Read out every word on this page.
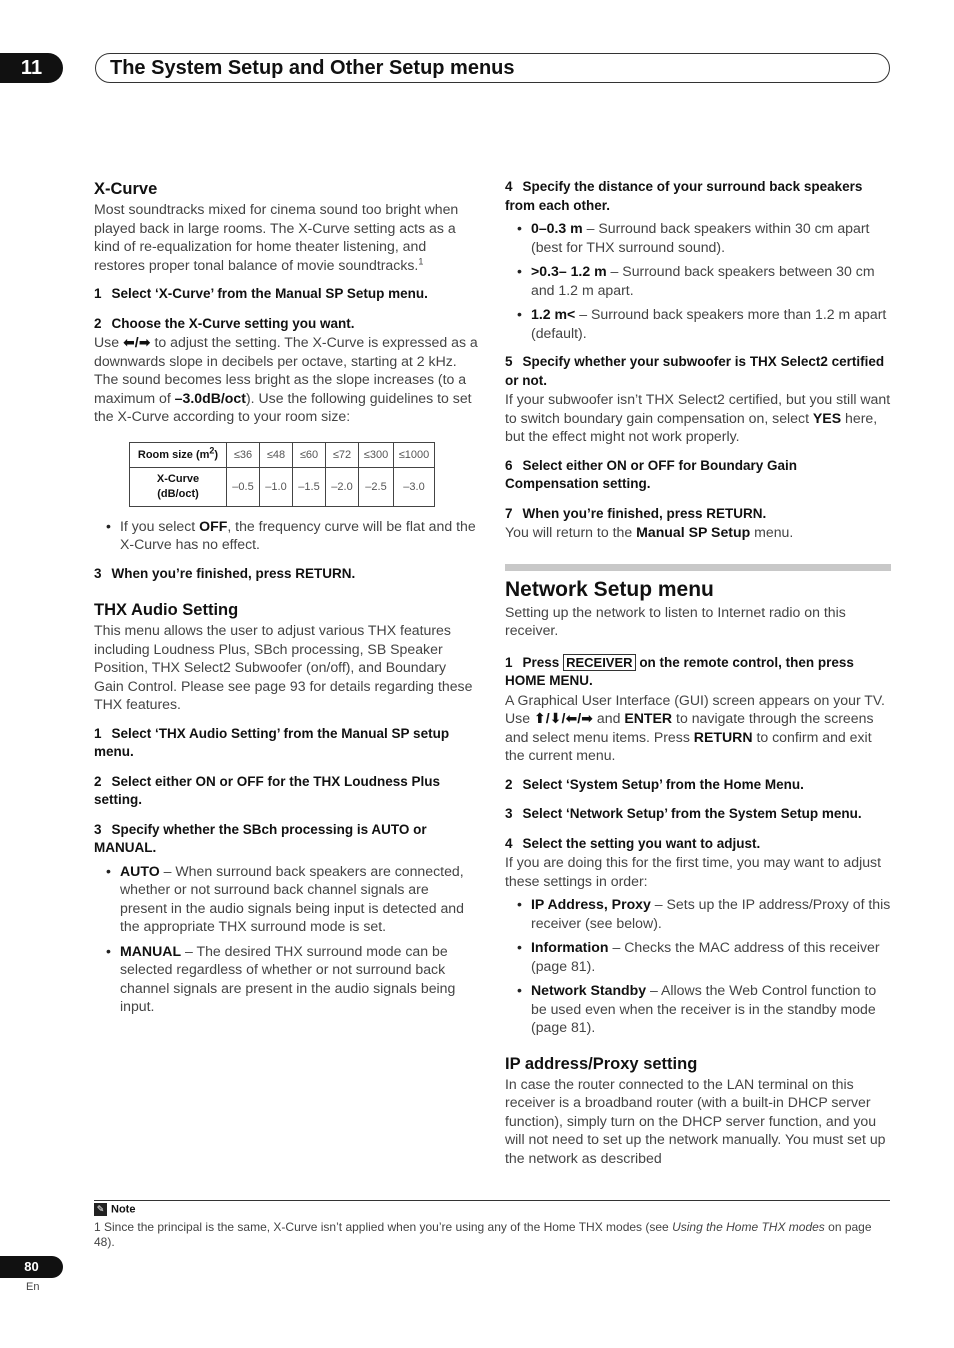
11	The System Setup and Other Setup menus
X-Curve

Most soundtracks mixed for cinema sound too bright when played back in large rooms. The X-Curve setting acts as a kind of re-equalization for home theater listening, and restores proper tonal balance of movie soundtracks.$^1$

1 Select ‘X-Curve’ from the Manual SP Setup menu.
2 Choose the X-Curve setting you want.

Use ⬅/➡ to adjust the setting. The X-Curve is expressed as a downwards slope in decibels per octave, starting at 2 kHz. The sound becomes less bright as the slope increases (to a maximum of –3.0dB/oct). Use the following guidelines to set the X-Curve according to your room size:

Room size $(m^2)$	≤36	≤48	≤60	≤72	≤300	≤1000
X-Curve
(dB/oct)	–0.5	–1.0	–1.5	–2.0	–2.5	–3.0
• If you select OFF, the frequency curve will be flat and the X-Curve has no effect.
3 When you’re finished, press RETURN.
THX Audio Setting

This menu allows the user to adjust various THX features including Loudness Plus, SBch processing, SB Speaker Position, THX Select2 Subwoofer (on/off), and Boundary Gain Control. Please see page 93 for details regarding these THX features.

1 Select ‘THX Audio Setting’ from the Manual SP setup menu.
2 Select either ON or OFF for the THX Loudness Plus setting.
3 Specify whether the SBch processing is AUTO or MANUAL.
• AUTO – When surround back speakers are connected, whether or not surround back channel signals are present in the audio signals being input is detected and the appropriate THX surround mode is set.
• MANUAL – The desired THX surround mode can be selected regardless of whether or not surround back channel signals are present in the audio signals being input.
4 Specify the distance of your surround back speakers from each other.
• 0–0.3 m – Surround back speakers within 30 cm apart (best for THX surround sound).
• >0.3– 1.2 m – Surround back speakers between 30 cm and 1.2 m apart.
• 1.2 m< – Surround back speakers more than 1.2 m apart (default).
5 Specify whether your subwoofer is THX Select2 certified or not.

If your subwoofer isn’t THX Select2 certified, but you still want to switch boundary gain compensation on, select YES here, but the effect might not work properly.

6 Select either ON or OFF for Boundary Gain Compensation setting.
7 When you’re finished, press RETURN.

You will return to the Manual SP Setup menu.

Network Setup menu

Setting up the network to listen to Internet radio on this receiver.

1 Press RECEIVER on the remote control, then press HOME MENU.

A Graphical User Interface (GUI) screen appears on your TV. Use ⬆/⬇/⬅/➡ and ENTER to navigate through the screens and select menu items. Press RETURN to confirm and exit the current menu.

2 Select ‘System Setup’ from the Home Menu.
3 Select ‘Network Setup’ from the System Setup menu.
4 Select the setting you want to adjust.

If you are doing this for the first time, you may want to adjust these settings in order:

• IP Address, Proxy – Sets up the IP address/Proxy of this receiver (see below).
• Information – Checks the MAC address of this receiver (page 81).
• Network Standby – Allows the Web Control function to be used even when the receiver is in the standby mode (page 81).
IP address/Proxy setting

In case the router connected to the LAN terminal on this receiver is a broadband router (with a built-in DHCP server function), simply turn on the DHCP server function, and you will not need to set up the network manually. You must set up the network as described

✎ Note
1 Since the principal is the same, X-Curve isn’t applied when you’re using any of the Home THX modes (see Using the Home THX modes on page 48).
80
En
